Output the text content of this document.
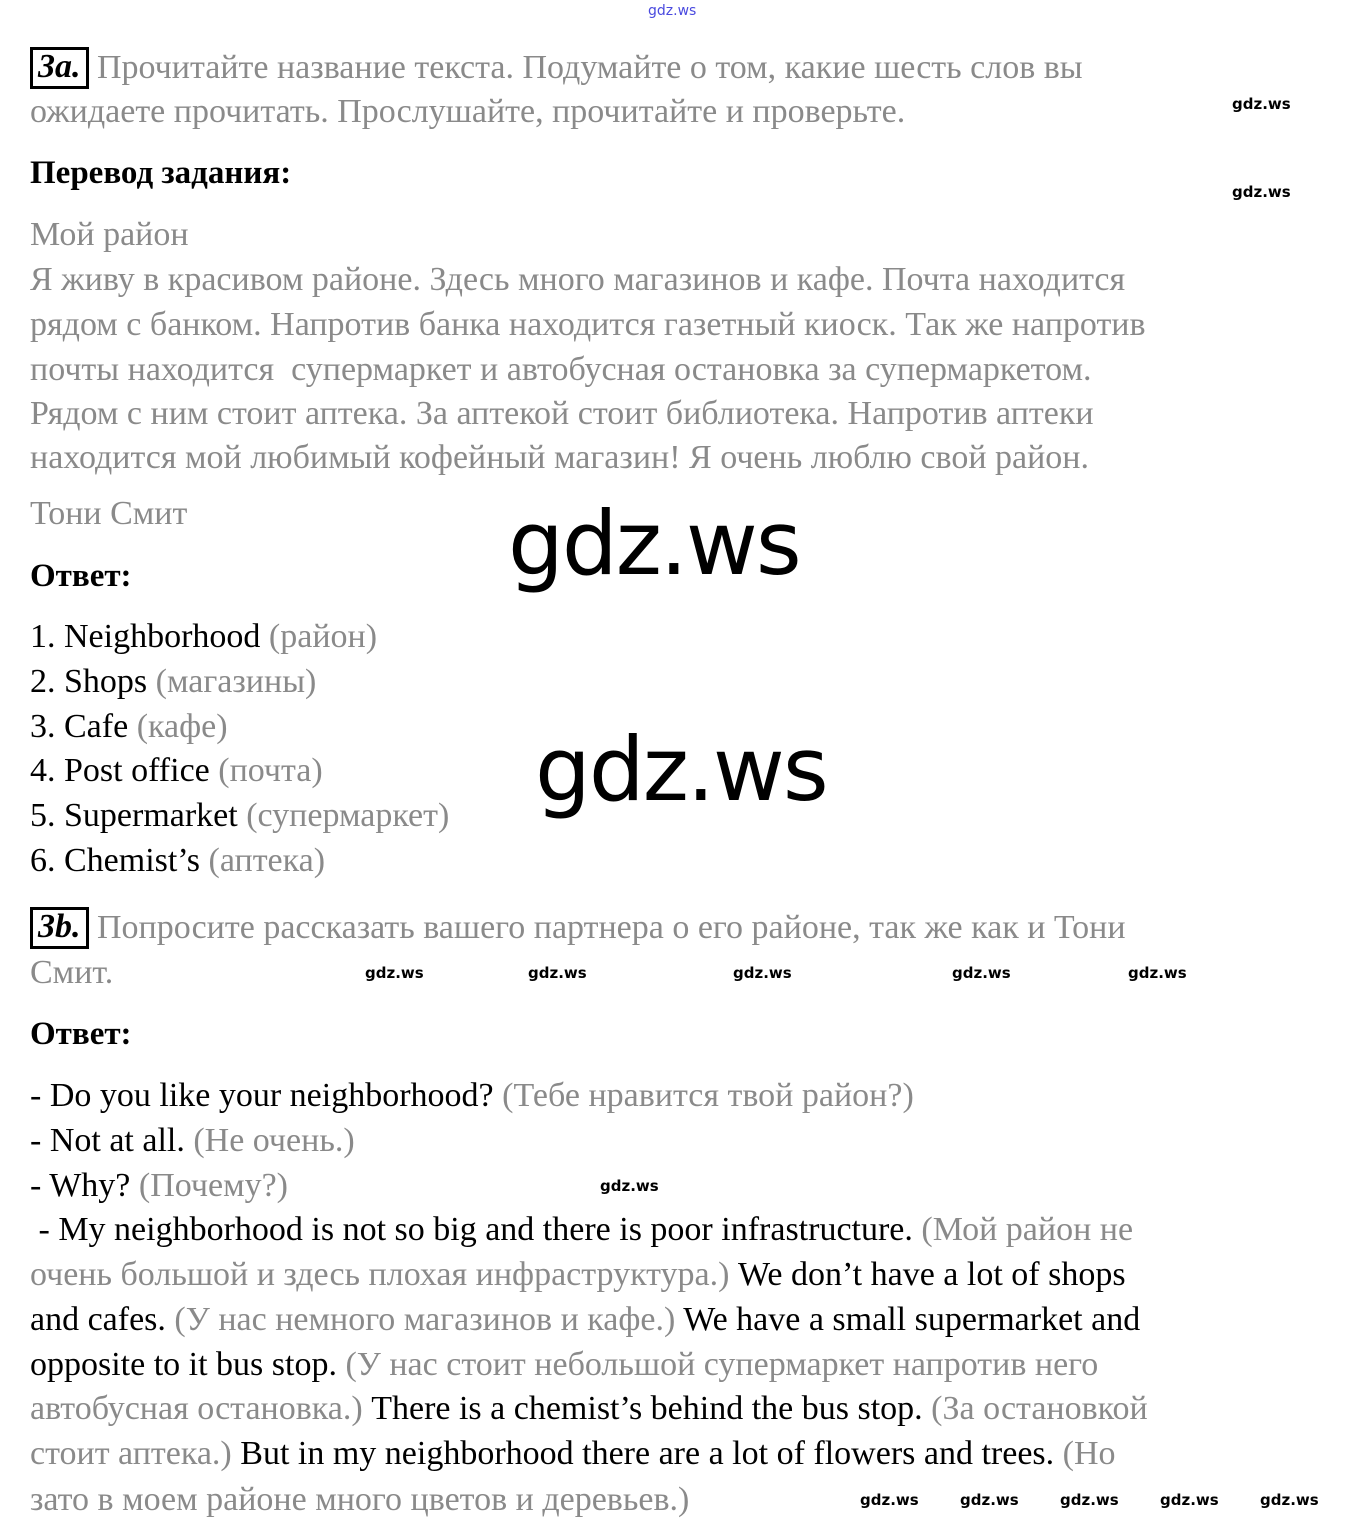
3a. Прочитайте название текста. Подумайте о том, какие шесть слов вы
ожидаете прочитать. Прослушайте, прочитайте и проверьте.
Перевод задания:
Мой район
Я живу в красивом районе. Здесь много магазинов и кафе. Почта находится
рядом с банком. Напротив банка находится газетный киоск. Так же напротив
почты находится  супермаркет и автобусная остановка за супермаркетом.
Рядом с ним стоит аптека. За аптекой стоит библиотека. Напротив аптеки
находится мой любимый кофейный магазин! Я очень люблю свой район.
Тони Смит
Ответ:
1. Neighborhood (район)
2. Shops (магазины)
3. Cafe (кафе)
4. Post office (почта)
5. Supermarket (супермаркет)
6. Chemist’s (аптека)
3b. Попросите рассказать вашего партнера о его районе, так же как и Тони
Смит.
Ответ:
- Do you like your neighborhood? (Тебе нравится твой район?)
- Not at all. (Не очень.)
- Why? (Почему?)
- My neighborhood is not so big and there is poor infrastructure. (Мой район не
очень большой и здесь плохая инфраструктура.) We don’t have a lot of shops
and cafes. (У нас немного магазинов и кафе.) We have a small supermarket and
opposite to it bus stop. (У нас стоит небольшой супермаркет напротив него
автобусная остановка.) There is a chemist’s behind the bus stop. (За остановкой
стоит аптека.) But in my neighborhood there are a lot of flowers and trees. (Но
зато в моем районе много цветов и деревьев.)
gdz.ws
gdz.ws
gdz.ws
gdz.ws
gdz.ws
gdz.ws	gdz.ws	gdz.ws	gdz.ws	gdz.ws
gdz.ws
gdz.ws	gdz.ws	gdz.ws	gdz.ws	gdz.ws
